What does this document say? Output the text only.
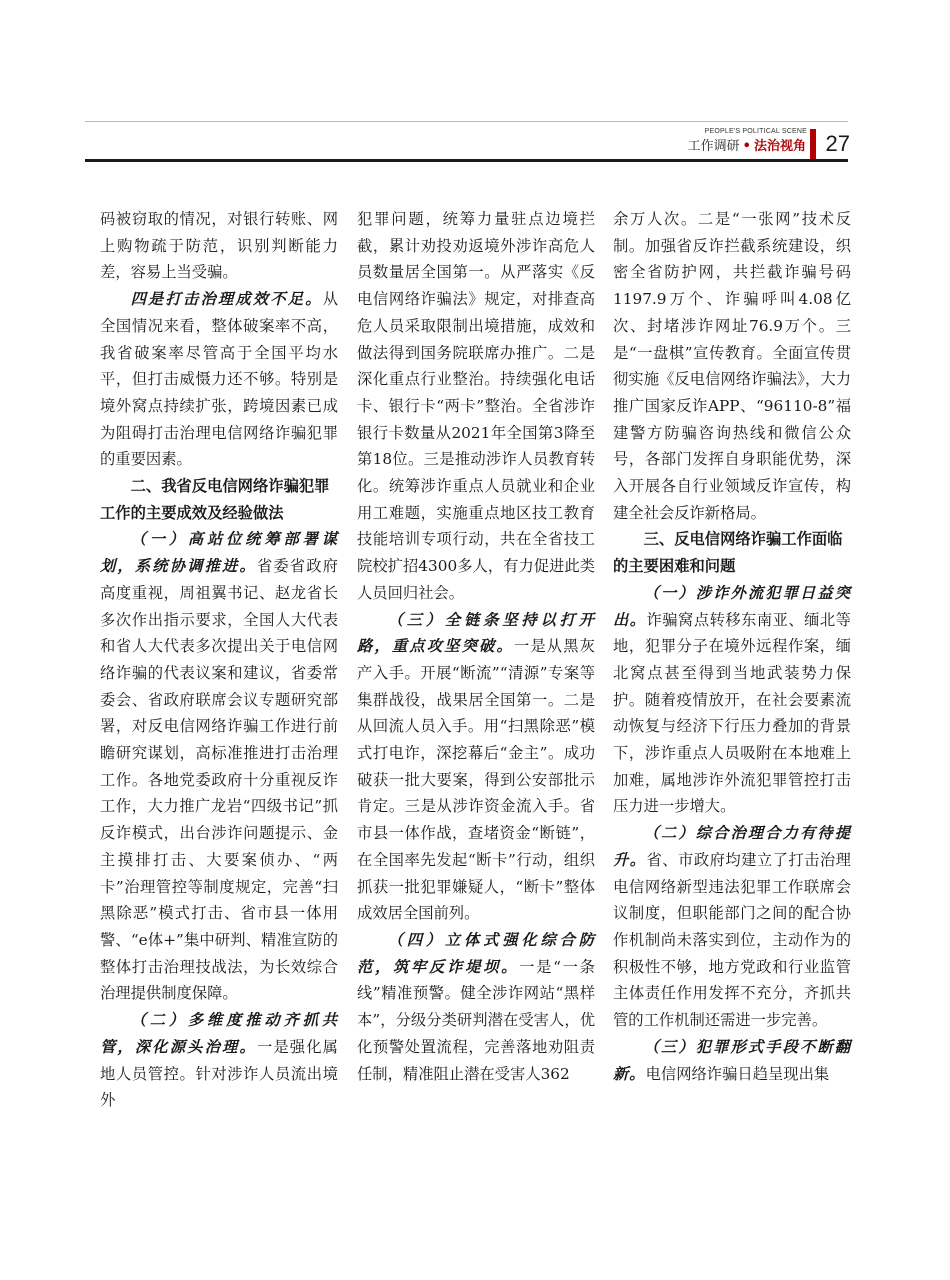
PEOPLE'S POLITICAL SCENE
工作调研 • 法治视角 27

码被窃取的情况，对银行转账、网上购物疏于防范，识别判断能力差，容易上当受骗。

四是打击治理成效不足。从全国情况来看，整体破案率不高，我省破案率尽管高于全国平均水平，但打击威慑力还不够。特别是境外窝点持续扩张，跨境因素已成为阻碍打击治理电信网络诈骗犯罪的重要因素。

二、我省反电信网络诈骗犯罪工作的主要成效及经验做法

（一）高站位统筹部署谋划，系统协调推进。省委省政府高度重视，周祖翼书记、赵龙省长多次作出指示要求，全国人大代表和省人大代表多次提出关于电信网络诈骗的代表议案和建议，省委常委会、省政府联席会议专题研究部署，对反电信网络诈骗工作进行前瞻研究谋划，高标准推进打击治理工作。各地党委政府十分重视反诈工作，大力推广龙岩“四级书记”抓反诈模式，出台涉诈问题提示、金主摸排打击、大要案侦办、“两卡”治理管控等制度规定，完善“扫黑除恶”模式打击、省市县一体用警、“e体+”集中研判、精准宣防的整体打击治理技战法，为长效综合治理提供制度保障。

（二）多维度推动齐抓共管，深化源头治理。一是强化属地人员管控。针对涉诈人员流出境外

犯罪问题，统筹力量驻点边境拦截，累计劝投劝返境外涉诈高危人员数量居全国第一。从严落实《反电信网络诈骗法》规定，对排查高危人员采取限制出境措施，成效和做法得到国务院联席办推广。二是深化重点行业整治。持续强化电话卡、银行卡“两卡”整治。全省涉诈银行卡数量从2021年全国第3降至第18位。三是推动涉诈人员教育转化。统筹涉诈重点人员就业和企业用工难题，实施重点地区技工教育技能培训专项行动，共在全省技工院校扩招4300多人，有力促进此类人员回归社会。

（三）全链条坚持以打开路，重点攻坚突破。一是从黑灰产入手。开展“断流”“清源”专案等集群战役，战果居全国第一。二是从回流人员入手。用“扫黑除恶”模式打电诈，深挖幕后“金主”。成功破获一批大要案，得到公安部批示肯定。三是从涉诈资金流入手。省市县一体作战，查堵资金“断链”，在全国率先发起“断卡”行动，组织抓获一批犯罪嫌疑人，“断卡”整体成效居全国前列。

（四）立体式强化综合防范，筑牢反诈堤坝。一是“一条线”精准预警。健全涉诈网站“黑样本”，分级分类研判潜在受害人，优化预警处置流程，完善落地劝阻责任制，精准阻止潜在受害人362

余万人次。二是“一张网”技术反制。加强省反诈拦截系统建设，织密全省防护网，共拦截诈骗号码1197.9万个、诈骗呼叫4.08亿次、封堵涉诈网址76.9万个。三是“一盘棋”宣传教育。全面宣传贯彻实施《反电信网络诈骗法》，大力推广国家反诈APP、“96110-8”福建警方防骗咨询热线和微信公众号，各部门发挥自身职能优势，深入开展各自行业领域反诈宣传，构建全社会反诈新格局。

三、反电信网络诈骗工作面临的主要困难和问题

（一）涉诈外流犯罪日益突出。诈骗窝点转移东南亚、缅北等地，犯罪分子在境外远程作案，缅北窝点甚至得到当地武装势力保护。随着疫情放开，在社会要素流动恢复与经济下行压力叠加的背景下，涉诈重点人员吸附在本地难上加难，属地涉诈外流犯罪管控打击压力进一步增大。

（二）综合治理合力有待提升。省、市政府均建立了打击治理电信网络新型违法犯罪工作联席会议制度，但职能部门之间的配合协作机制尚未落实到位，主动作为的积极性不够，地方党政和行业监管主体责任作用发挥不充分，齐抓共管的工作机制还需进一步完善。

（三）犯罪形式手段不断翻新。电信网络诈骗日趋呈现出集
